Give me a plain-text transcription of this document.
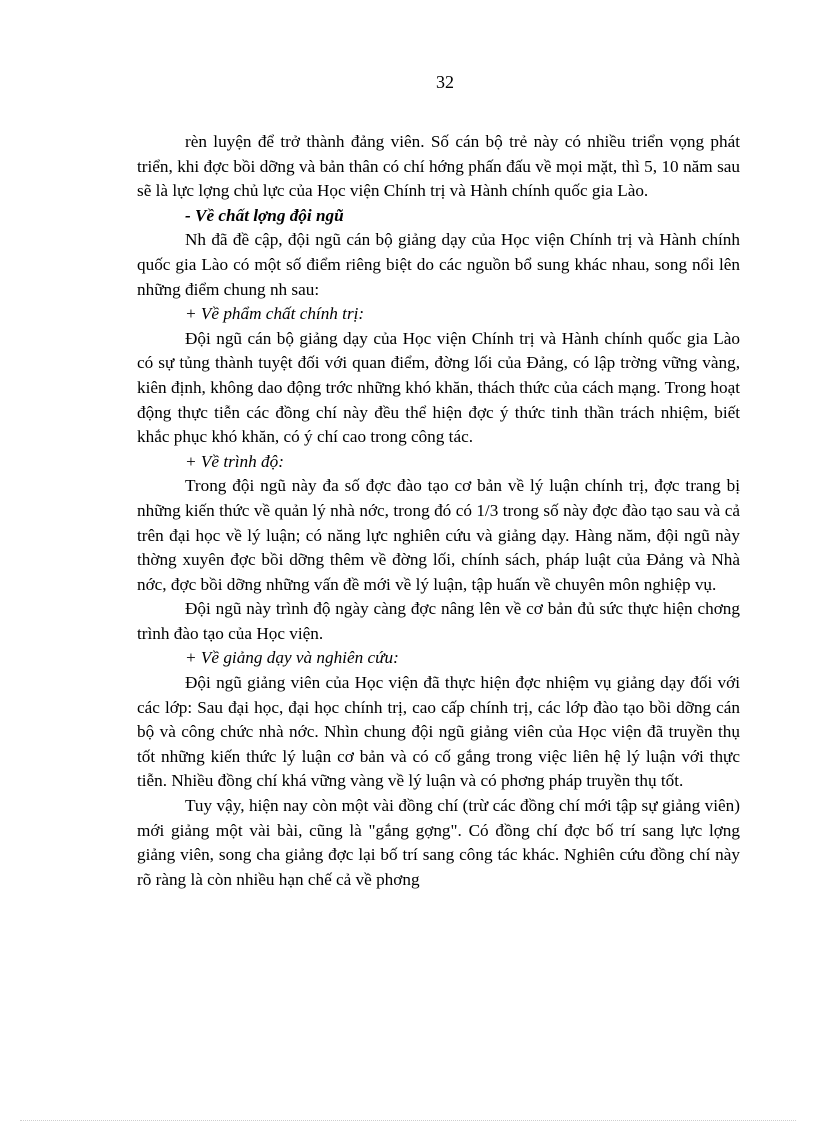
32

rèn luyện để trở thành đảng viên. Số cán bộ trẻ này có nhiều triển vọng phát triển, khi đợc bồi dỡng và bản thân có chí hớng phấn đấu về mọi mặt, thì 5, 10 năm sau sẽ là lực lợng chủ lực của Học viện Chính trị và Hành chính quốc gia Lào.

- Về chất lợng đội ngũ

Nh đã đề cập, đội ngũ cán bộ giảng dạy của Học viện Chính trị và Hành chính quốc gia Lào có một số điểm riêng biệt do các nguồn bổ sung khác nhau, song nổi lên những điểm chung nh sau:

+ Về phẩm chất chính trị:

Đội ngũ cán bộ giảng dạy của Học viện Chính trị và Hành chính quốc gia Lào có sự tủng thành tuyệt đối với quan điểm, đờng lối của Đảng, có lập trờng vững vàng, kiên định, không dao động trớc những khó khăn, thách thức của cách mạng. Trong hoạt động thực tiễn các đồng chí này đều thể hiện đợc ý thức tinh thần trách nhiệm, biết khắc phục khó khăn, có ý chí cao trong công tác.

+ Về trình độ:

Trong đội ngũ này đa số đợc đào tạo cơ bản về lý luận chính trị, đợc trang bị những kiến thức về quản lý nhà nớc, trong đó có 1/3 trong số này đợc đào tạo sau và cả trên đại học về lý luận; có năng lực nghiên cứu và giảng dạy. Hàng năm, đội ngũ này thờng xuyên đợc bồi dỡng thêm về đờng lối, chính sách, pháp luật của Đảng và Nhà nớc, đợc bồi dỡng những vấn đề mới về lý luận, tập huấn về chuyên môn nghiệp vụ.

Đội ngũ này trình độ ngày càng đợc nâng lên về cơ bản đủ sức thực hiện chơng trình đào tạo của Học viện.

+ Về giảng dạy và nghiên cứu:

Đội ngũ giảng viên của Học viện đã thực hiện đợc nhiệm vụ giảng dạy đối với các lớp: Sau đại học, đại học chính trị, cao cấp chính trị, các lớp đào tạo bồi dỡng cán bộ và công chức nhà nớc. Nhìn chung đội ngũ giảng viên của Học viện đã truyền thụ tốt những kiến thức lý luận cơ bản và có cố gắng trong việc liên hệ lý luận với thực tiễn. Nhiều đồng chí khá vững vàng về lý luận và có phơng pháp truyền thụ tốt.

Tuy vậy, hiện nay còn một vài đồng chí (trừ các đồng chí mới tập sự giảng viên) mới giảng một vài bài, cũng là "gắng gợng". Có đồng chí đợc bố trí sang lực lợng giảng viên, song cha giảng đợc lại bố trí sang công tác khác. Nghiên cứu đồng chí này rõ ràng là còn nhiều hạn chế cả về phơng
